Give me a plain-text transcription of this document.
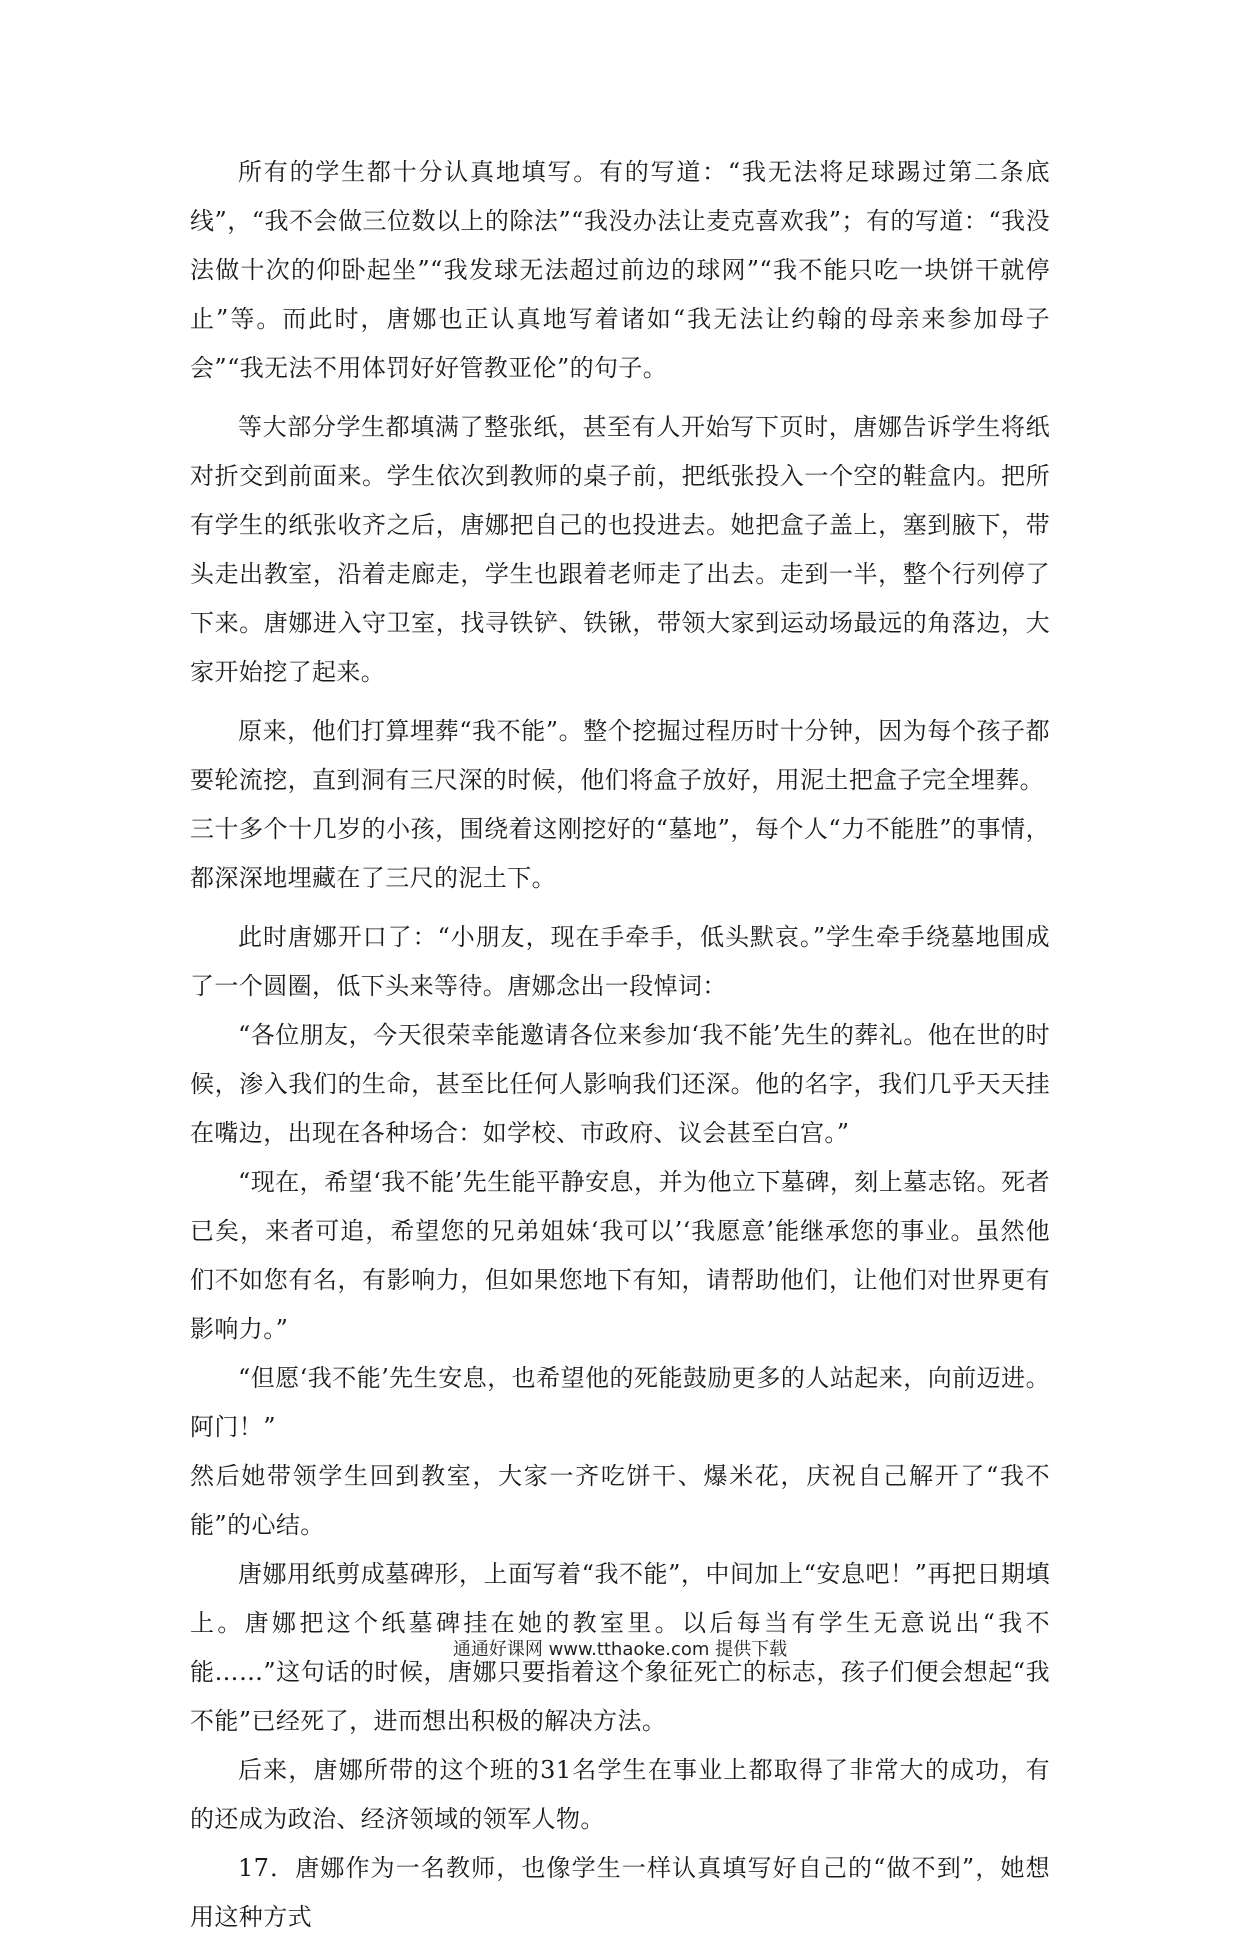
所有的学生都十分认真地填写。有的写道：“我无法将足球踢过第二条底线”，“我不会做三位数以上的除法”“我没办法让麦克喜欢我”；有的写道：“我没法做十次的仰卧起坐”“我发球无法超过前边的球网”“我不能只吃一块饼干就停止”等。而此时，唐娜也正认真地写着诸如“我无法让约翰的母亲来参加母子会”“我无法不用体罚好好管教亚伦”的句子。

等大部分学生都填满了整张纸，甚至有人开始写下页时，唐娜告诉学生将纸对折交到前面来。学生依次到教师的桌子前，把纸张投入一个空的鞋盒内。把所有学生的纸张收齐之后，唐娜把自己的也投进去。她把盒子盖上，塞到腋下，带头走出教室，沿着走廊走，学生也跟着老师走了出去。走到一半，整个行列停了下来。唐娜进入守卫室，找寻铁铲、铁锹，带领大家到运动场最远的角落边，大家开始挖了起来。

原来，他们打算埋葬“我不能”。整个挖掘过程历时十分钟，因为每个孩子都要轮流挖，直到洞有三尺深的时候，他们将盒子放好，用泥土把盒子完全埋葬。

三十多个十几岁的小孩，围绕着这刚挖好的“墓地”，每个人“力不能胜”的事情，都深深地埋藏在了三尺的泥土下。

此时唐娜开口了：“小朋友，现在手牵手，低头默哀。”学生牵手绕墓地围成了一个圆圈，低下头来等待。唐娜念出一段悼词：

“各位朋友，今天很荣幸能邀请各位来参加‘我不能’先生的葬礼。他在世的时候，渗入我们的生命，甚至比任何人影响我们还深。他的名字，我们几乎天天挂在嘴边，出现在各种场合：如学校、市政府、议会甚至白宫。”

“现在，希望‘我不能’先生能平静安息，并为他立下墓碑，刻上墓志铭。死者已矣，来者可追，希望您的兄弟姐妹‘我可以’‘我愿意’能继承您的事业。虽然他们不如您有名，有影响力，但如果您地下有知，请帮助他们，让他们对世界更有影响力。”

“但愿‘我不能’先生安息，也希望他的死能鼓励更多的人站起来，向前迈进。阿门！”

然后她带领学生回到教室，大家一齐吃饼干、爆米花，庆祝自己解开了“我不能”的心结。

唐娜用纸剪成墓碑形，上面写着“我不能”，中间加上“安息吧！”再把日期填上。唐娜把这个纸墓碑挂在她的教室里。以后每当有学生无意说出“我不能……”这句话的时候，唐娜只要指着这个象征死亡的标志，孩子们便会想起“我不能”已经死了，进而想出积极的解决方法。

后来，唐娜所带的这个班的31名学生在事业上都取得了非常大的成功，有的还成为政治、经济领域的领军人物。

17．唐娜作为一名教师，也像学生一样认真填写好自己的“做不到”，她想用这种方式

通通好课网 www.tthaoke.com 提供下载
